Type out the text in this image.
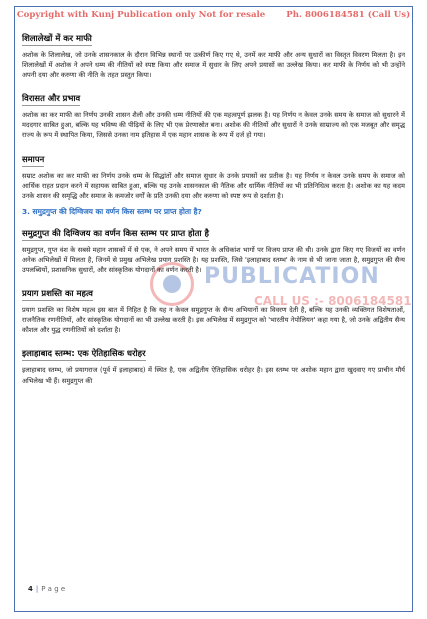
Copyright with Kunj Publication only Not for resale Ph. 8006184581 (Call Us)
PUBLICATION
CALL US :- 8006184581
शिलालेखों में कर माफी

अशोक के शिलालेख, जो उनके शासनकाल के दौरान विभिन्न स्थानों पर उत्कीर्ण किए गए थे, उनमें कर माफी और अन्य सुधारों का विस्तृत विवरण मिलता है। इन शिलालेखों में अशोक ने अपने धम्म की नीतियों को स्पष्ट किया और समाज में सुधार के लिए अपने प्रयासों का उल्लेख किया। कर माफी के निर्णय को भी उन्होंने अपनी दया और करुणा की नीति के तहत प्रस्तुत किया।

विरासत और प्रभाव

अशोक का कर माफी का निर्णय उनकी शासन शैली और उनकी धम्म नीतियों की एक महत्वपूर्ण झलक है। यह निर्णय न केवल उनके समय के समाज को सुधारने में मददगार साबित हुआ, बल्कि यह भविष्य की पीढ़ियों के लिए भी एक प्रेरणास्रोत बना। अशोक की नीतियों और सुधारों ने उनके साम्राज्य को एक मजबूत और समृद्ध राज्य के रूप में स्थापित किया, जिससे उनका नाम इतिहास में एक महान शासक के रूप में दर्ज हो गया।

समापन

सम्राट अशोक का कर माफी का निर्णय उनके धम्म के सिद्धांतों और समाज सुधार के उनके प्रयासों का प्रतीक है। यह निर्णय न केवल उनके समय के समाज को आर्थिक राहत प्रदान करने में सहायक साबित हुआ, बल्कि यह उनके शासनकाल की नैतिक और धार्मिक नीतियों का भी प्रतिनिधित्व करता है। अशोक का यह कदम उनके शासन की समृद्धि और समाज के कमजोर वर्गों के प्रति उनकी दया और करुणा को स्पष्ट रूप से दर्शाता है।

3. समुद्रगुप्त की दिग्विजय का वर्णन किस स्तम्भ पर प्राप्त होता है?
समुद्रगुप्त की दिग्विजय का वर्णन किस स्तम्भ पर प्राप्त होता है

समुद्रगुप्त, गुप्त वंश के सबसे महान शासकों में से एक, ने अपने समय में भारत के अधिकांश भागों पर विजय प्राप्त की थी। उनके द्वारा किए गए विजयों का वर्णन अनेक अभिलेखों में मिलता है, जिनमें से प्रमुख अभिलेख प्रयाग प्रशस्ति है। यह प्रशस्ति, जिसे 'इलाहाबाद स्तम्भ' के नाम से भी जाना जाता है, समुद्रगुप्त की सैन्य उपलब्धियों, प्रशासनिक सुधारों, और सांस्कृतिक योगदानों का वर्णन करती है।

प्रयाग प्रशस्ति का महत्व

प्रयाग प्रशस्ति का विशेष महत्व इस बात में निहित है कि यह न केवल समुद्रगुप्त के सैन्य अभियानों का विवरण देती है, बल्कि यह उनकी व्यक्तिगत विशेषताओं, राजनैतिक रणनीतियों, और सांस्कृतिक योगदानों का भी उल्लेख करती है। इस अभिलेख में समुद्रगुप्त को 'भारतीय नेपोलियन' कहा गया है, जो उनके अद्वितीय सैन्य कौशल और युद्ध रणनीतियों को दर्शाता है।

इलाहाबाद स्तम्भ: एक ऐतिहासिक धरोहर

इलाहाबाद स्तम्भ, जो प्रयागराज (पूर्व में इलाहाबाद) में स्थित है, एक अद्वितीय ऐतिहासिक धरोहर है। इस स्तम्भ पर अशोक महान द्वारा खुदवाए गए प्राचीन मौर्य अभिलेख भी हैं। समुद्रगुप्त की

4 | P a g e
